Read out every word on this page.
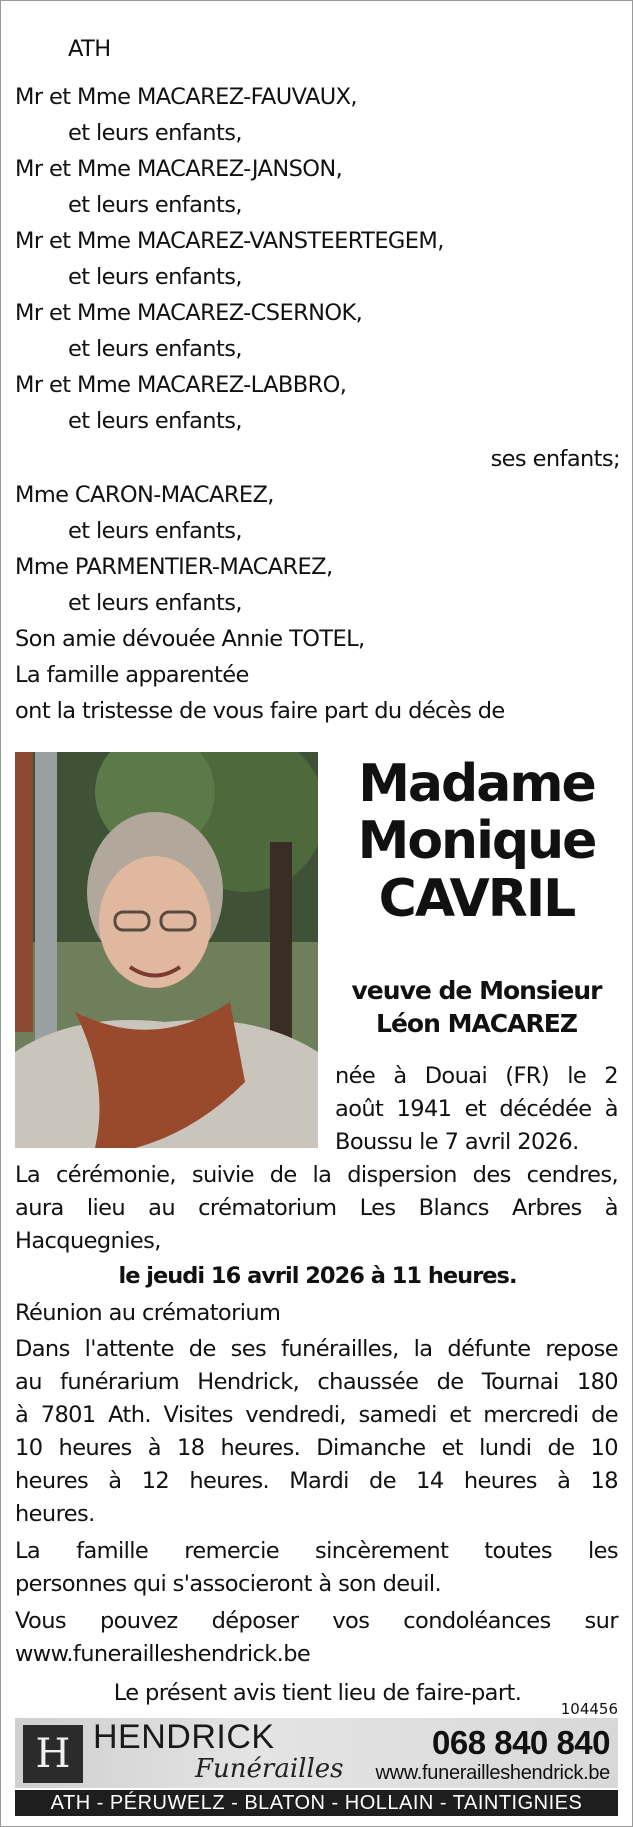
ATH
Mr et Mme MACAREZ-FAUVAUX,
et leurs enfants,
Mr et Mme MACAREZ-JANSON,
et leurs enfants,
Mr et Mme MACAREZ-VANSTEERTEGEM,
et leurs enfants,
Mr et Mme MACAREZ-CSERNOK,
et leurs enfants,
Mr et Mme MACAREZ-LABBRO,
et leurs enfants,
ses enfants;
Mme CARON-MACAREZ,
et leurs enfants,
Mme PARMENTIER-MACAREZ,
et leurs enfants,
Son amie dévouée Annie TOTEL,
La famille apparentée
ont la tristesse de vous faire part du décès de
Madame
Monique
CAVRIL
veuve de Monsieur
Léon MACAREZ
née à Douai (FR) le 2
août 1941 et décédée à
Boussu le 7 avril 2026.
La cérémonie, suivie de la dispersion des cendres,
aura lieu au crématorium Les Blancs Arbres à
Hacquegnies,
le jeudi 16 avril 2026 à 11 heures.
Réunion au crématorium
Dans l'attente de ses funérailles, la défunte repose
au funérarium Hendrick, chaussée de Tournai 180
à 7801 Ath. Visites vendredi, samedi et mercredi de
10 heures à 18 heures. Dimanche et lundi de 10
heures à 12 heures. Mardi de 14 heures à 18
heures.
La famille remercie sincèrement toutes les
personnes qui s'associeront à son deuil.
Vous pouvez déposer vos condoléances sur
www.funerailleshendrick.be
Le présent avis tient lieu de faire-part.
104456
H HENDRICK
Funérailles
068 840 840
www.funerailleshendrick.be
ATH - PÉRUWELZ - BLATON - HOLLAIN - TAINTIGNIES
